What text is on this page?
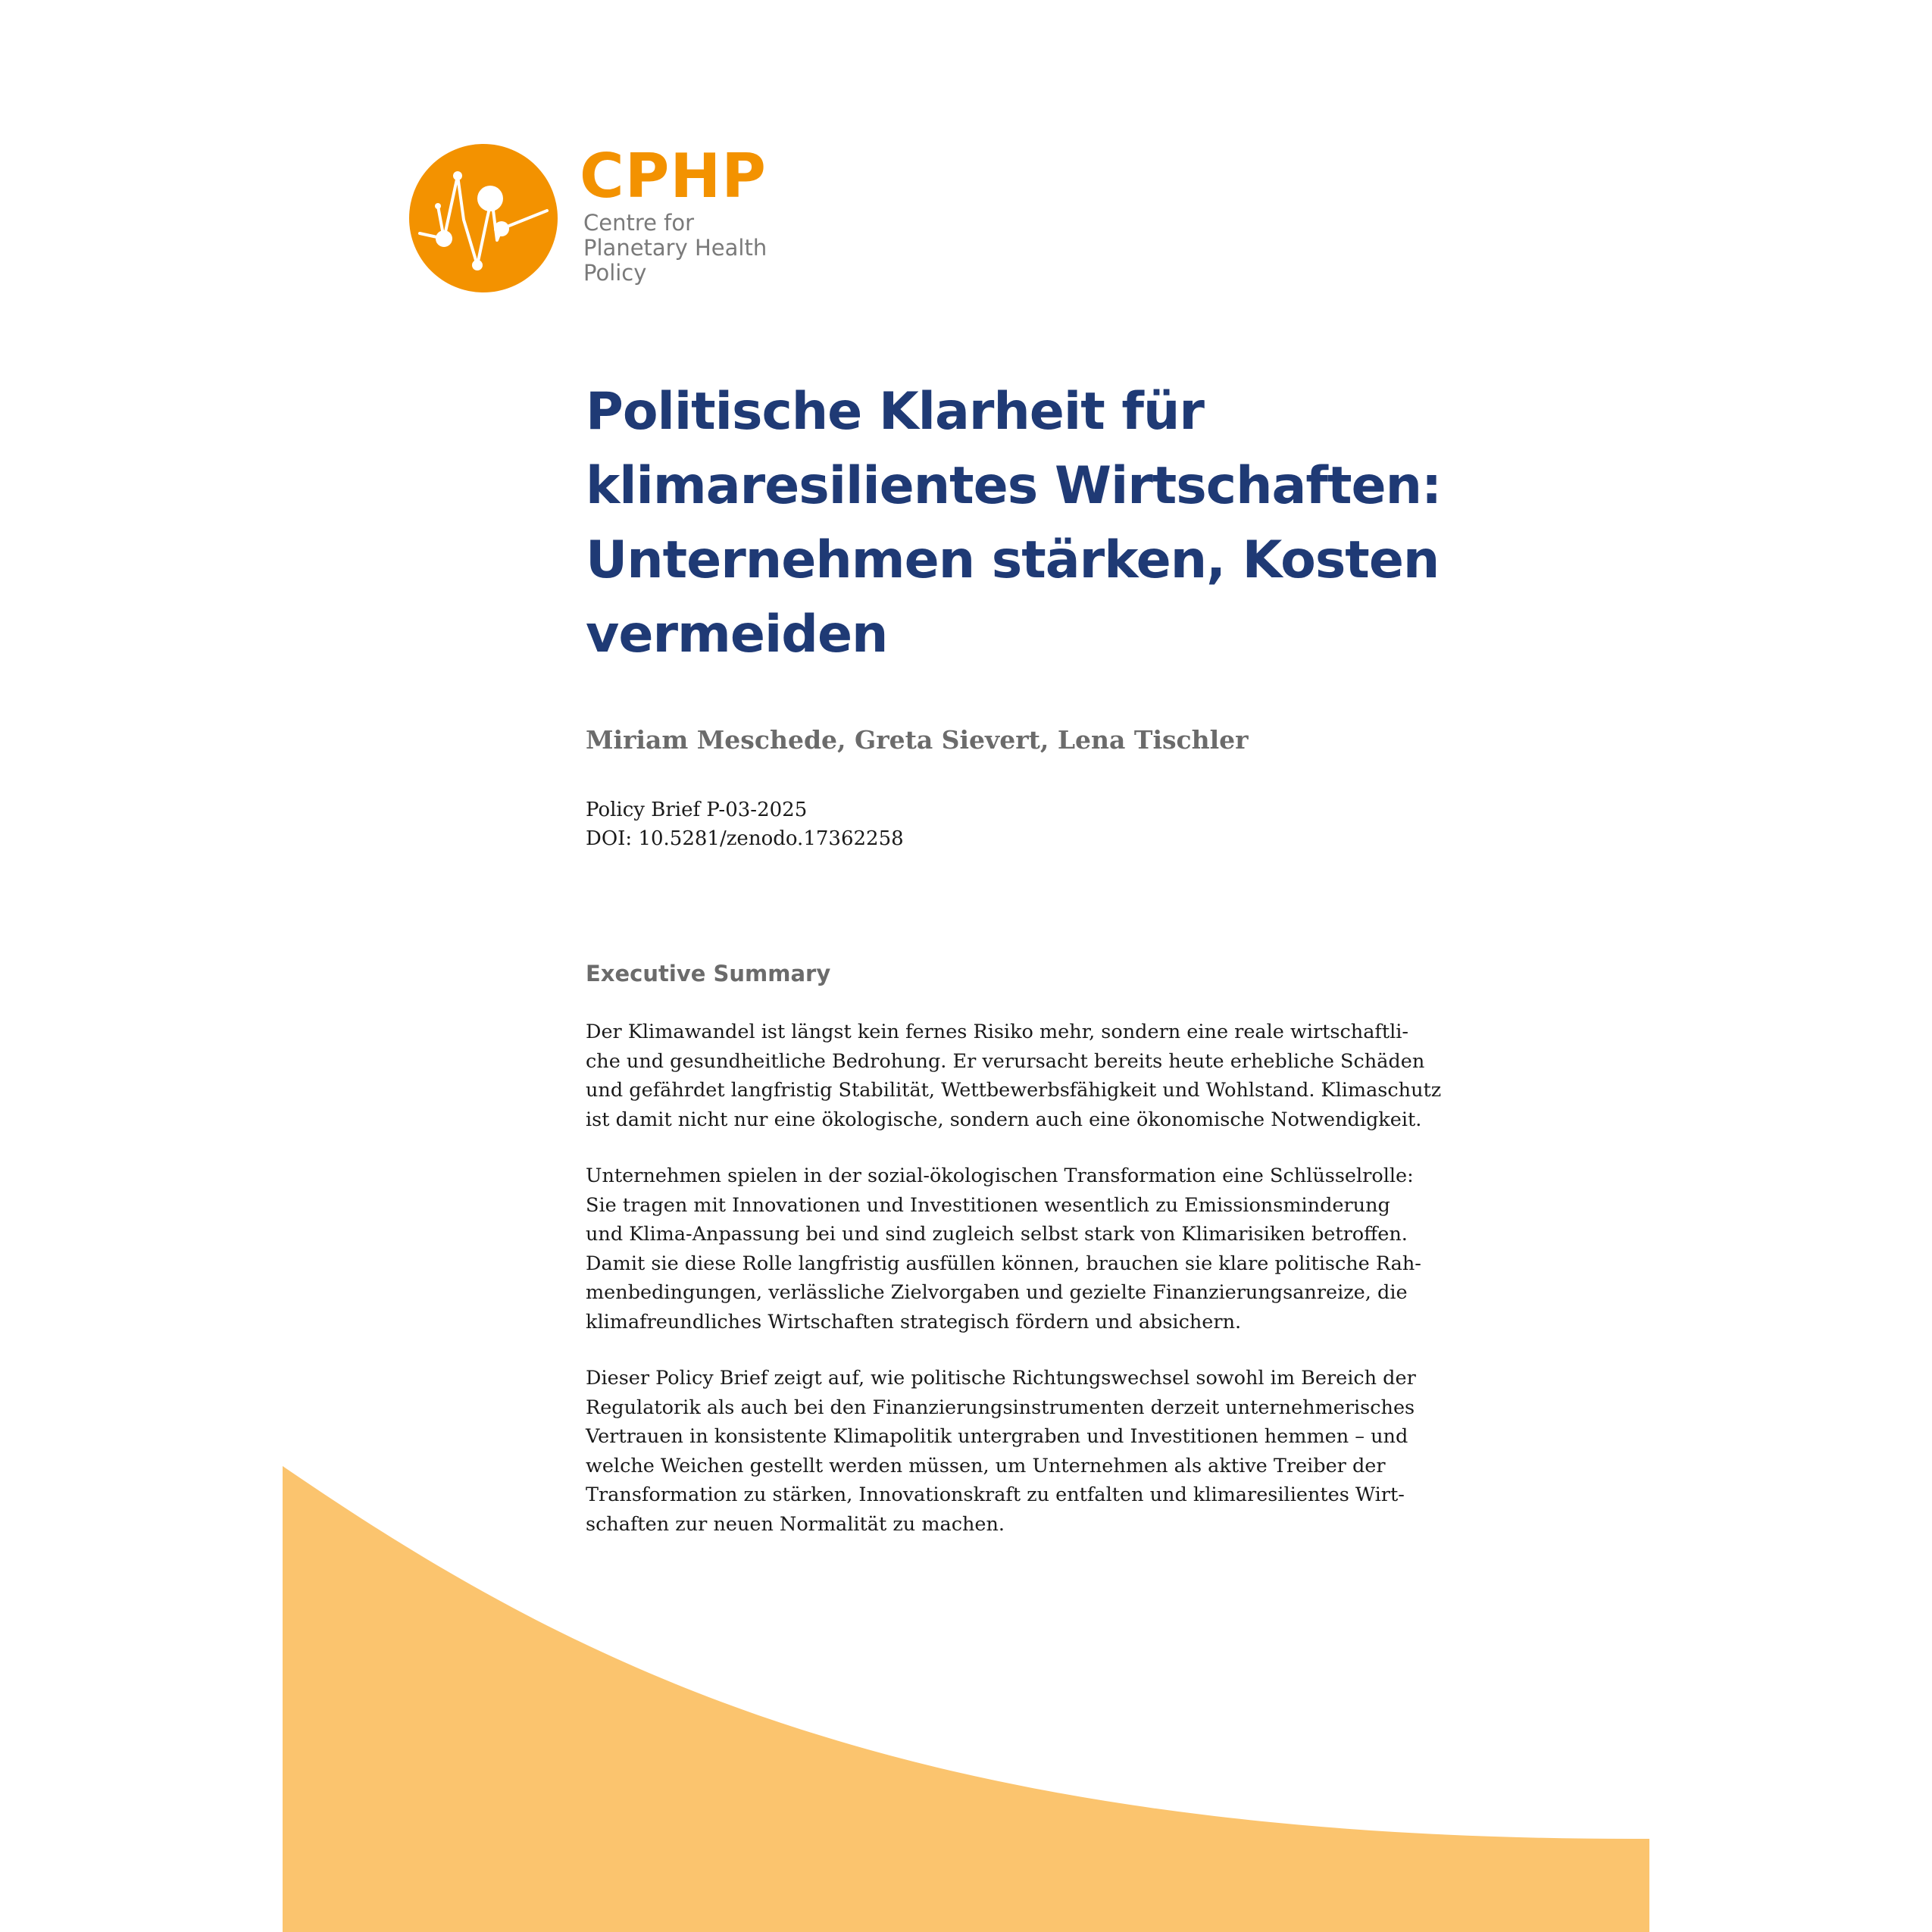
CPHP
Centre for
Planetary Health
Policy
Politische Klarheit für
klimaresilientes Wirtschaften:
Unternehmen stärken, Kosten
vermeiden
Miriam Meschede, Greta Sievert, Lena Tischler
Policy Brief P-03-2025
DOI: 10.5281/zenodo.17362258
Executive Summary

Der Klimawandel ist längst kein fernes Risiko mehr, sondern eine reale wirtschaftli-
che und gesundheitliche Bedrohung. Er verursacht bereits heute erhebliche Schäden
und gefährdet langfristig Stabilität, Wettbewerbsfähigkeit und Wohlstand. Klimaschutz
ist damit nicht nur eine ökologische, sondern auch eine ökonomische Notwendigkeit.

Unternehmen spielen in der sozial-ökologischen Transformation eine Schlüsselrolle:
Sie tragen mit Innovationen und Investitionen wesentlich zu Emissionsminderung
und Klima-Anpassung bei und sind zugleich selbst stark von Klimarisiken betroffen.
Damit sie diese Rolle langfristig ausfüllen können, brauchen sie klare politische Rah-
menbedingungen, verlässliche Zielvorgaben und gezielte Finanzierungsanreize, die
klimafreundliches Wirtschaften strategisch fördern und absichern.

Dieser Policy Brief zeigt auf, wie politische Richtungswechsel sowohl im Bereich der
Regulatorik als auch bei den Finanzierungsinstrumenten derzeit unternehmerisches
Vertrauen in konsistente Klimapolitik untergraben und Investitionen hemmen – und
welche Weichen gestellt werden müssen, um Unternehmen als aktive Treiber der
Transformation zu stärken, Innovationskraft zu entfalten und klimaresilientes Wirt-
schaften zur neuen Normalität zu machen.
